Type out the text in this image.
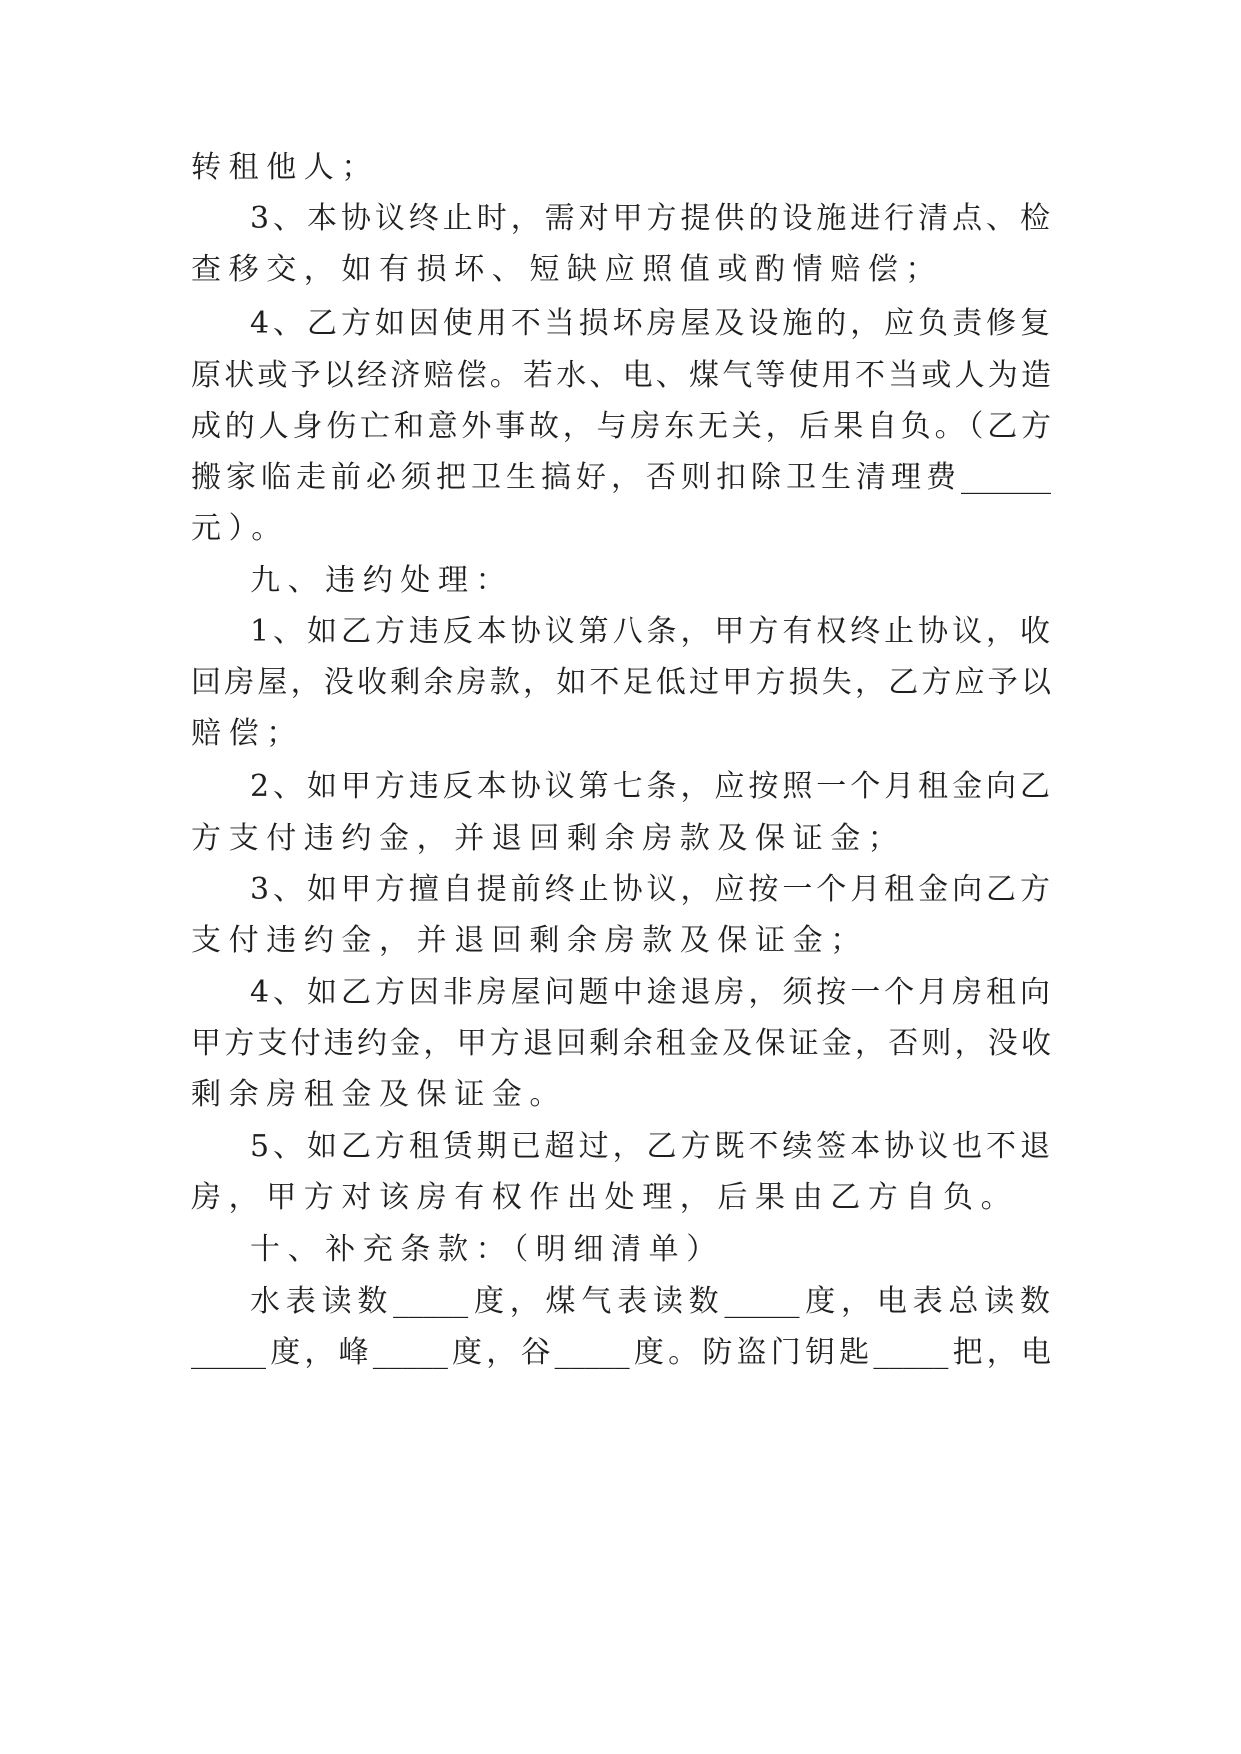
转租他人；
3、本协议终止时，需对甲方提供的设施进行清点、检
查移交，如有损坏、短缺应照值或酌情赔偿；
4、乙方如因使用不当损坏房屋及设施的，应负责修复
原状或予以经济赔偿。若水、电、煤气等使用不当或人为造
成的人身伤亡和意外事故，与房东无关，后果自负。（乙方
搬家临走前必须把卫生搞好，否则扣除卫生清理费______
元）。
九、违约处理：
1、如乙方违反本协议第八条，甲方有权终止协议，收
回房屋，没收剩余房款，如不足低过甲方损失，乙方应予以
赔偿；
2、如甲方违反本协议第七条，应按照一个月租金向乙
方支付违约金，并退回剩余房款及保证金；
3、如甲方擅自提前终止协议，应按一个月租金向乙方
支付违约金，并退回剩余房款及保证金；
4、如乙方因非房屋问题中途退房，须按一个月房租向
甲方支付违约金，甲方退回剩余租金及保证金，否则，没收
剩余房租金及保证金。
5、如乙方租赁期已超过，乙方既不续签本协议也不退
房，甲方对该房有权作出处理，后果由乙方自负。
十、补充条款：（明细清单）
水表读数_____度，煤气表读数_____度，电表总读数
_____度，峰_____度，谷_____度。防盗门钥匙_____把，电
